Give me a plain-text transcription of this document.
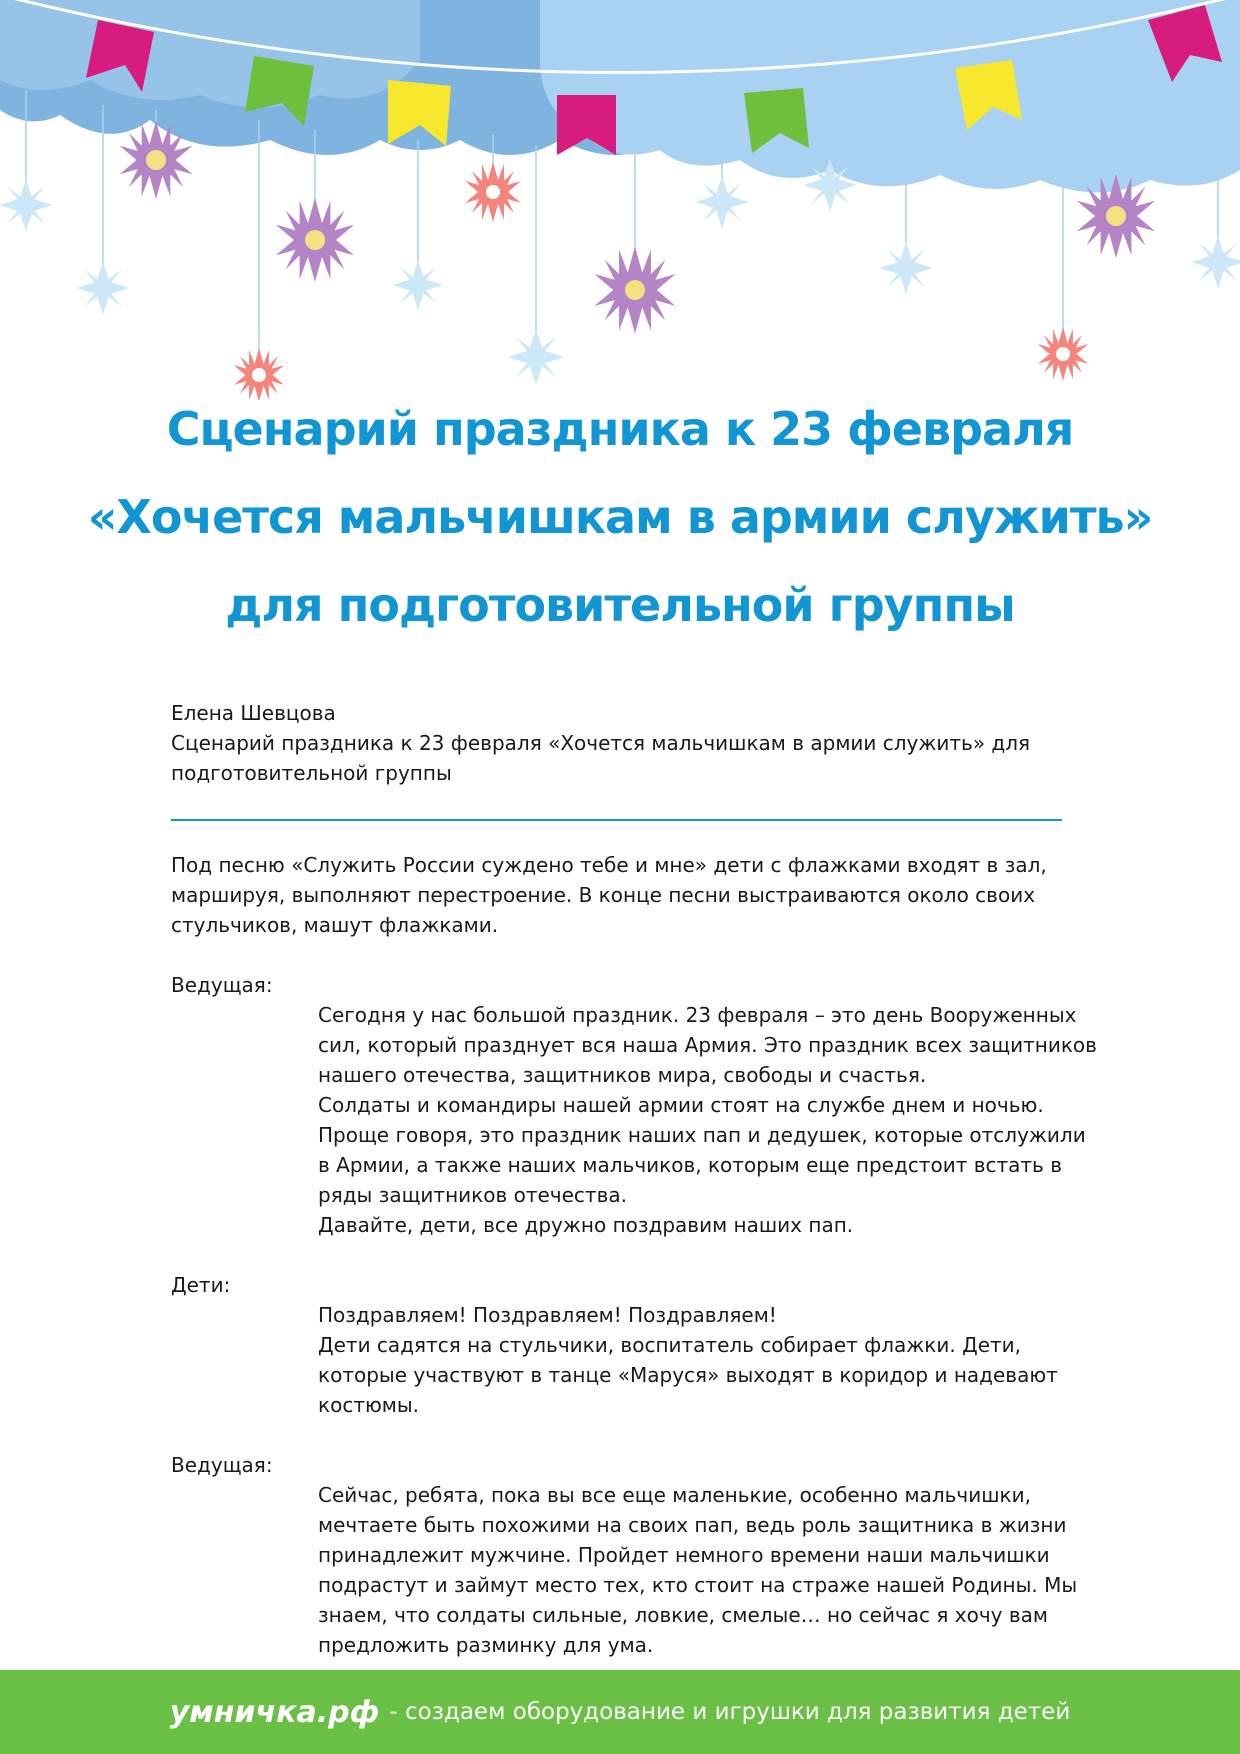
Сценарий праздника к 23 февраля
«Хочется мальчишкам в армии служить»
для подготовительной группы
Елена Шевцова
Сценарий праздника к 23 февраля «Хочется мальчишкам в армии служить» для
подготовительной группы

Под песню «Служить России суждено тебе и мне» дети с флажками входят в зал, маршируя, выполняют перестроение. В конце песни выстраиваются около своих стульчиков, машут флажками.

Ведущая:

Сегодня у нас большой праздник. 23 февраля – это день Вооруженных сил, который празднует вся наша Армия. Это праздник всех защитников нашего отечества, защитников мира, свободы и счастья.
Солдаты и командиры нашей армии стоят на службе днем и ночью.
Проще говоря, это праздник наших пап и дедушек, которые отслужили в Армии, а также наших мальчиков, которым еще предстоит встать в ряды защитников отечества.
Давайте, дети, все дружно поздравим наших пап.

Дети:

Поздравляем! Поздравляем! Поздравляем!
Дети садятся на стульчики, воспитатель собирает флажки. Дети, которые участвуют в танце «Маруся» выходят в коридор и надевают костюмы.

Ведущая:

Сейчас, ребята, пока вы все еще маленькие, особенно мальчишки, мечтаете быть похожими на своих пап, ведь роль защитника в жизни принадлежит мужчине. Пройдет немного времени наши мальчишки подрастут и займут место тех, кто стоит на страже нашей Родины. Мы знаем, что солдаты сильные, ловкие, смелые… но сейчас я хочу вам предложить разминку для ума.
умничка.рф - создаем оборудование и игрушки для развития детей
